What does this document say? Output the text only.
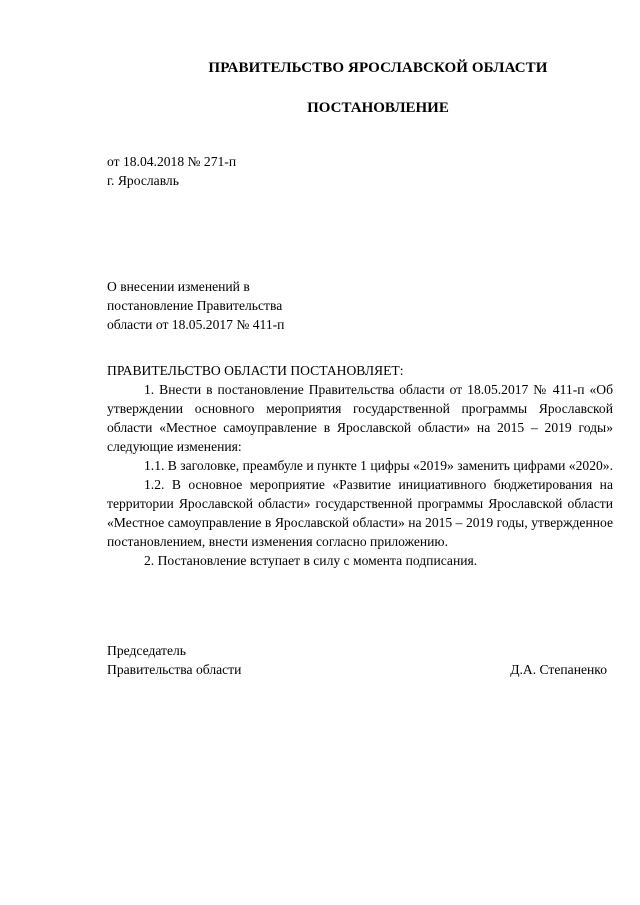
ПРАВИТЕЛЬСТВО ЯРОСЛАВСКОЙ ОБЛАСТИ
ПОСТАНОВЛЕНИЕ
от 18.04.2018 № 271-п
г. Ярославль
О внесении изменений в
постановление Правительства
области от 18.05.2017 № 411-п
ПРАВИТЕЛЬСТВО ОБЛАСТИ ПОСТАНОВЛЯЕТ:

1. Внести в постановление Правительства области от 18.05.2017 № 411-п «Об утверждении основного мероприятия государственной программы Ярославской области «Местное самоуправление в Ярославской области» на 2015 – 2019 годы» следующие изменения:

1.1. В заголовке, преамбуле и пункте 1 цифры «2019» заменить цифрами «2020».

1.2. В основное мероприятие «Развитие инициативного бюджетирования на территории Ярославской области» государственной программы Ярославской области «Местное самоуправление в Ярославской области» на 2015 – 2019 годы, утвержденное постановлением, внести изменения согласно приложению.

2. Постановление вступает в силу с момента подписания.

Председатель
Правительства области	Д.А. Степаненко
